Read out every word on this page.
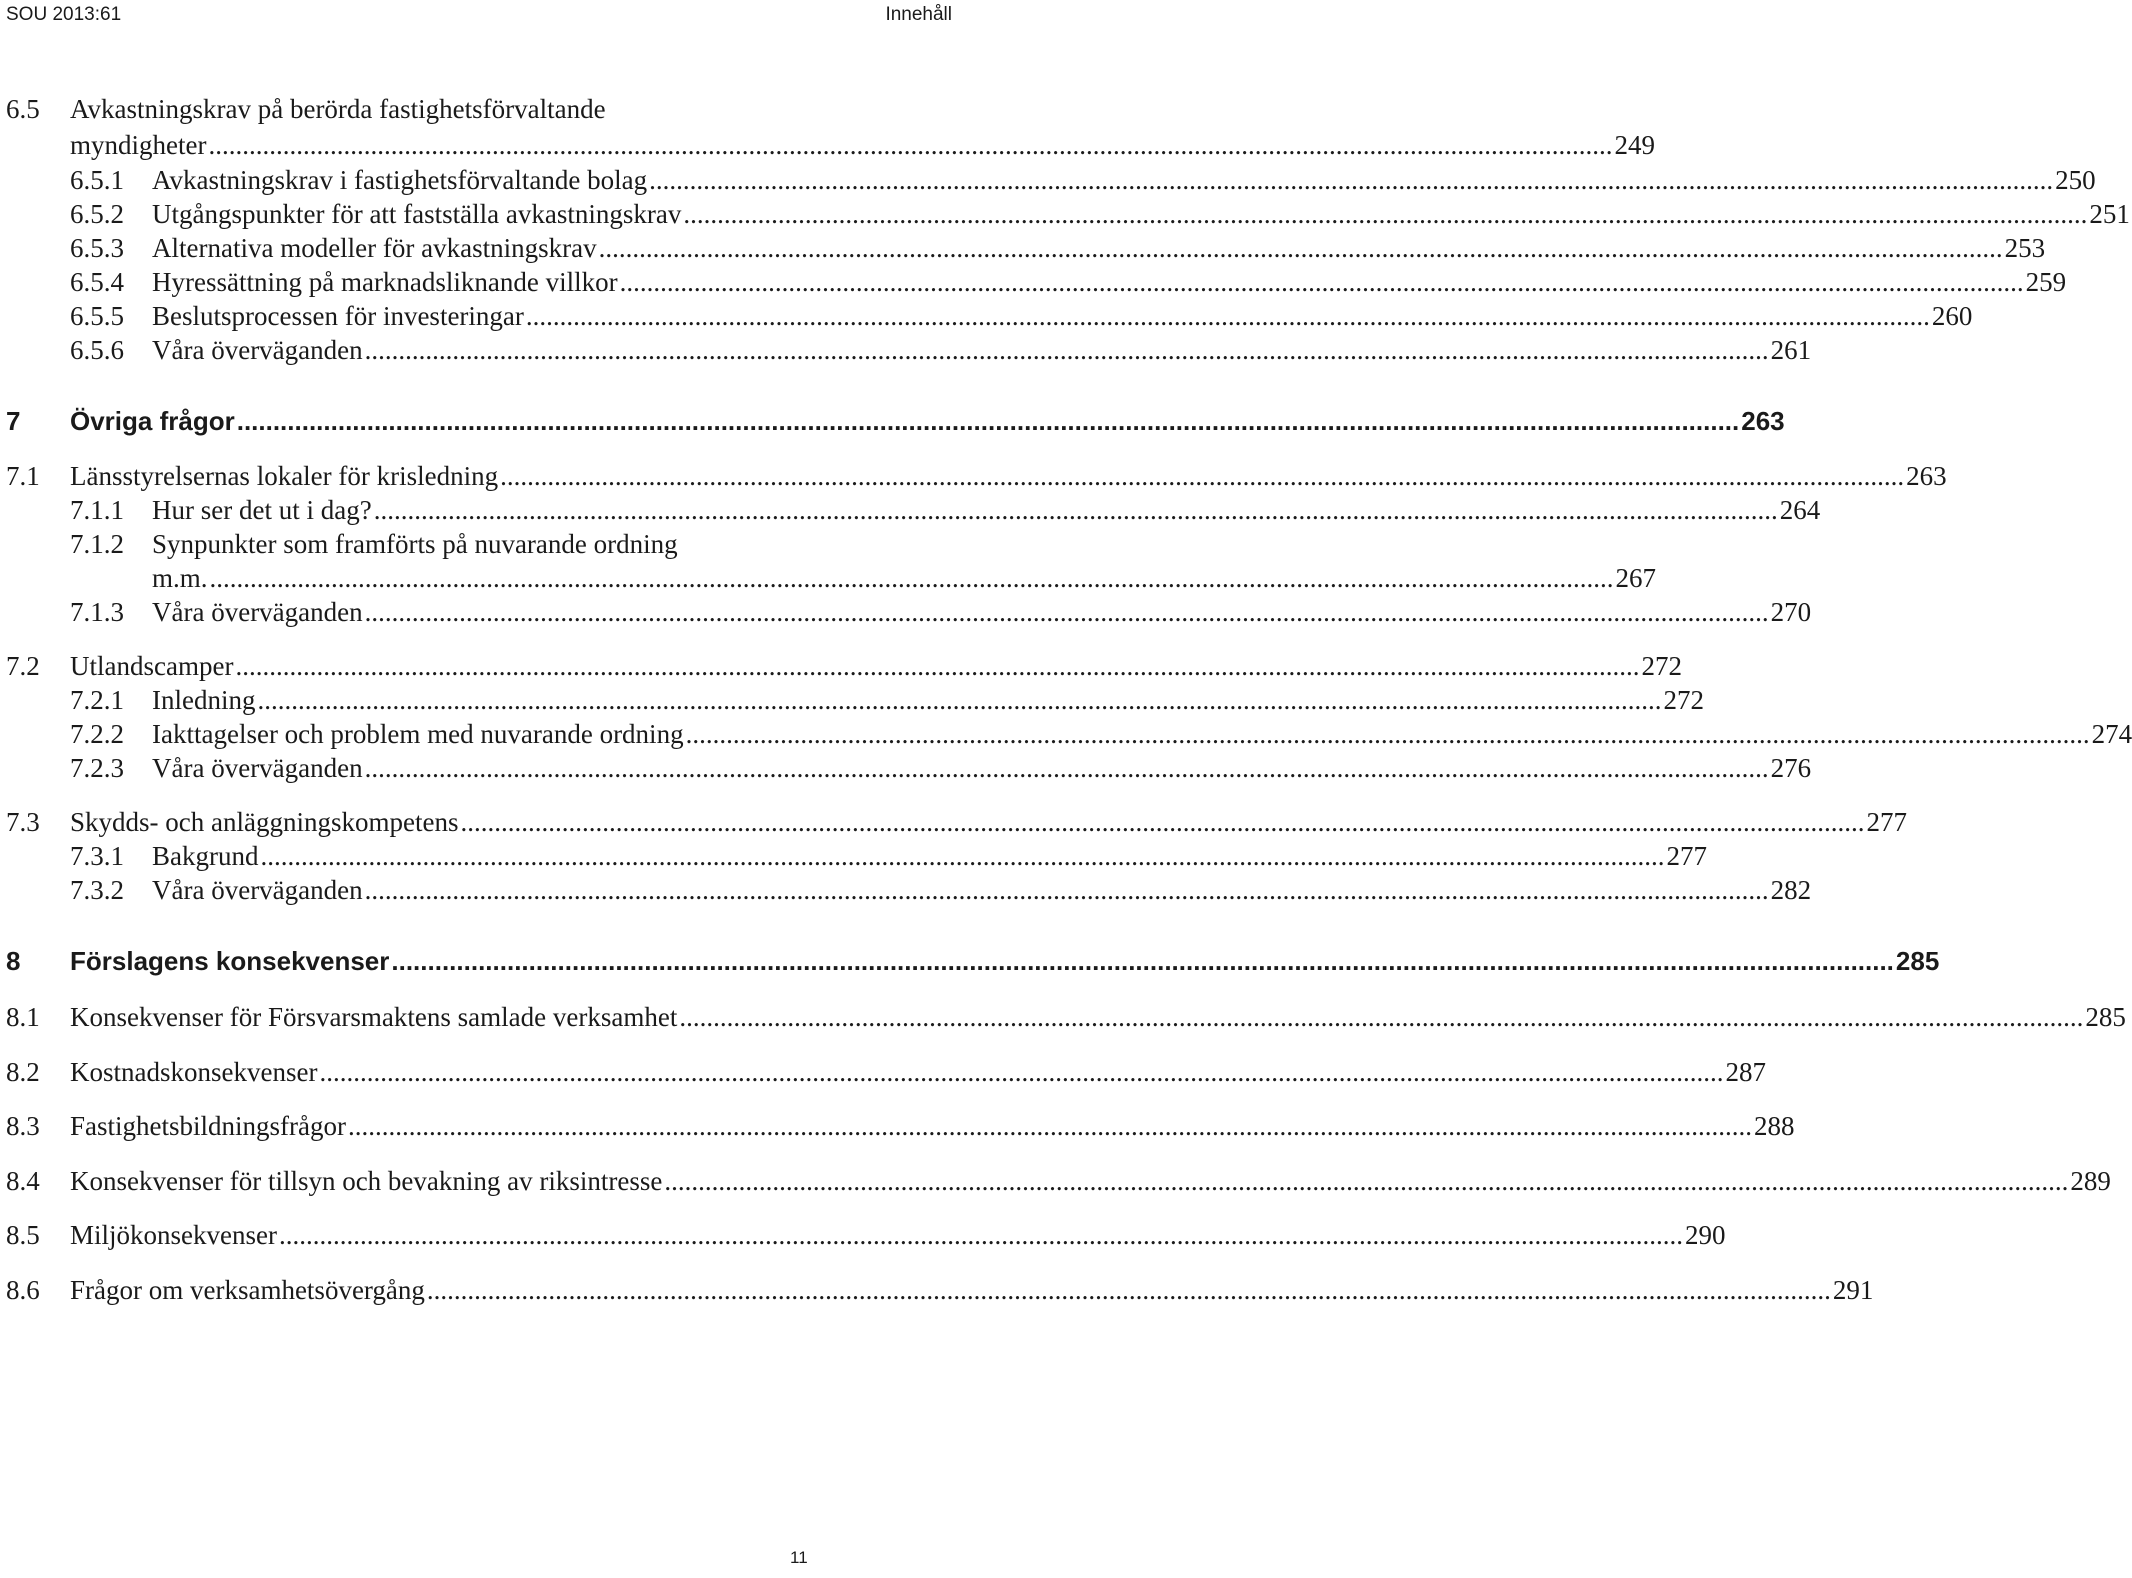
SOU 2013:61	Innehåll
6.5	Avkastningskrav på berörda fastighetsförvaltande
myndigheter .....	249
6.5.1	Avkastningskrav i fastighetsförvaltande bolag .....	250
6.5.2	Utgångspunkter för att fastställa avkastningskrav .....	251
6.5.3	Alternativa modeller för avkastningskrav .....	253
6.5.4	Hyressättning på marknadsliknande villkor .....	259
6.5.5	Beslutsprocessen för investeringar .....	260
6.5.6	Våra överväganden .....	261
7	Övriga frågor .....	263
7.1	Länsstyrelsernas lokaler för krisledning .....	263
7.1.1	Hur ser det ut i dag? .....	264
7.1.2	Synpunkter som framförts på nuvarande ordning
m.m. .....	267
7.1.3	Våra överväganden .....	270
7.2	Utlandscamper .....	272
7.2.1	Inledning .....	272
7.2.2	Iakttagelser och problem med nuvarande ordning .....	274
7.2.3	Våra överväganden .....	276
7.3	Skydds- och anläggningskompetens .....	277
7.3.1	Bakgrund .....	277
7.3.2	Våra överväganden .....	282
8	Förslagens konsekvenser .....	285
8.1	Konsekvenser för Försvarsmaktens samlade verksamhet .....	285
8.2	Kostnadskonsekvenser .....	287
8.3	Fastighetsbildningsfrågor .....	288
8.4	Konsekvenser för tillsyn och bevakning av riksintresse .....	289
8.5	Miljökonsekvenser .....	290
8.6	Frågor om verksamhetsövergång .....	291
11
